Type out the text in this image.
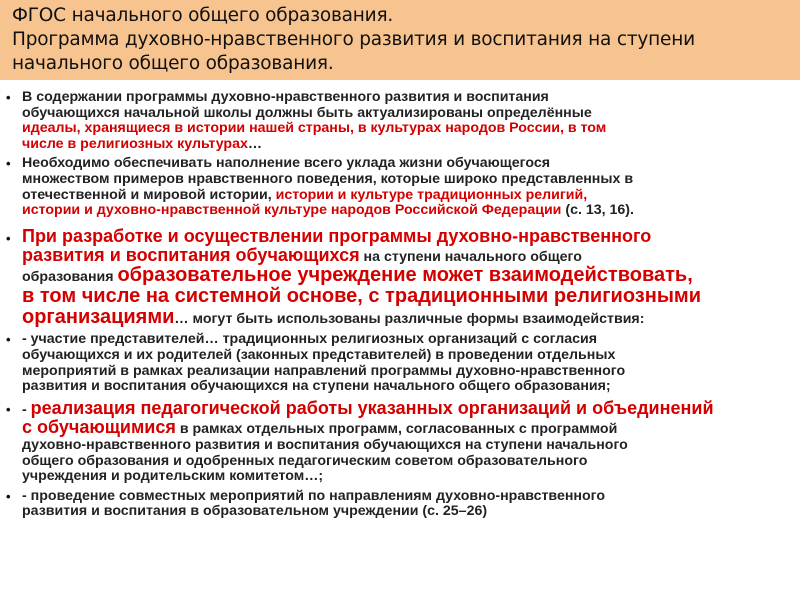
ФГОС начального общего образования.
Программа духовно-нравственного развития и воспитания на ступени
начального общего образования.
• В содержании программы духовно-нравственного развития и воспитания
обучающихся начальной школы должны быть актуализированы определённые
идеалы, хранящиеся в истории нашей страны, в культурах народов России, в том
числе в религиозных культурах…
• Необходимо обеспечивать наполнение всего уклада жизни обучающегося
множеством примеров нравственного поведения, которые широко представленных в
отечественной и мировой истории, истории и культуре традиционных религий,
истории и духовно-нравственной культуре народов Российской Федерации (с. 13, 16).
• При разработке и осуществлении программы духовно-нравственного
развития и воспитания обучающихся на ступени начального общего
образования образовательное учреждение может взаимодействовать,
в том числе на системной основе, с традиционными религиозными
организациями… могут быть использованы различные формы взаимодействия:
• - участие представителей… традиционных религиозных организаций с согласия
обучающихся и их родителей (законных представителей) в проведении отдельных
мероприятий в рамках реализации направлений программы духовно-нравственного
развития и воспитания обучающихся на ступени начального общего образования;
• - реализация педагогической работы указанных организаций и объединений
с обучающимися в рамках отдельных программ, согласованных с программой
духовно-нравственного развития и воспитания обучающихся на ступени начального
общего образования и одобренных педагогическим советом образовательного
учреждения и родительским комитетом…;
• - проведение совместных мероприятий по направлениям духовно-нравственного
развития и воспитания в образовательном учреждении (с. 25–26)
